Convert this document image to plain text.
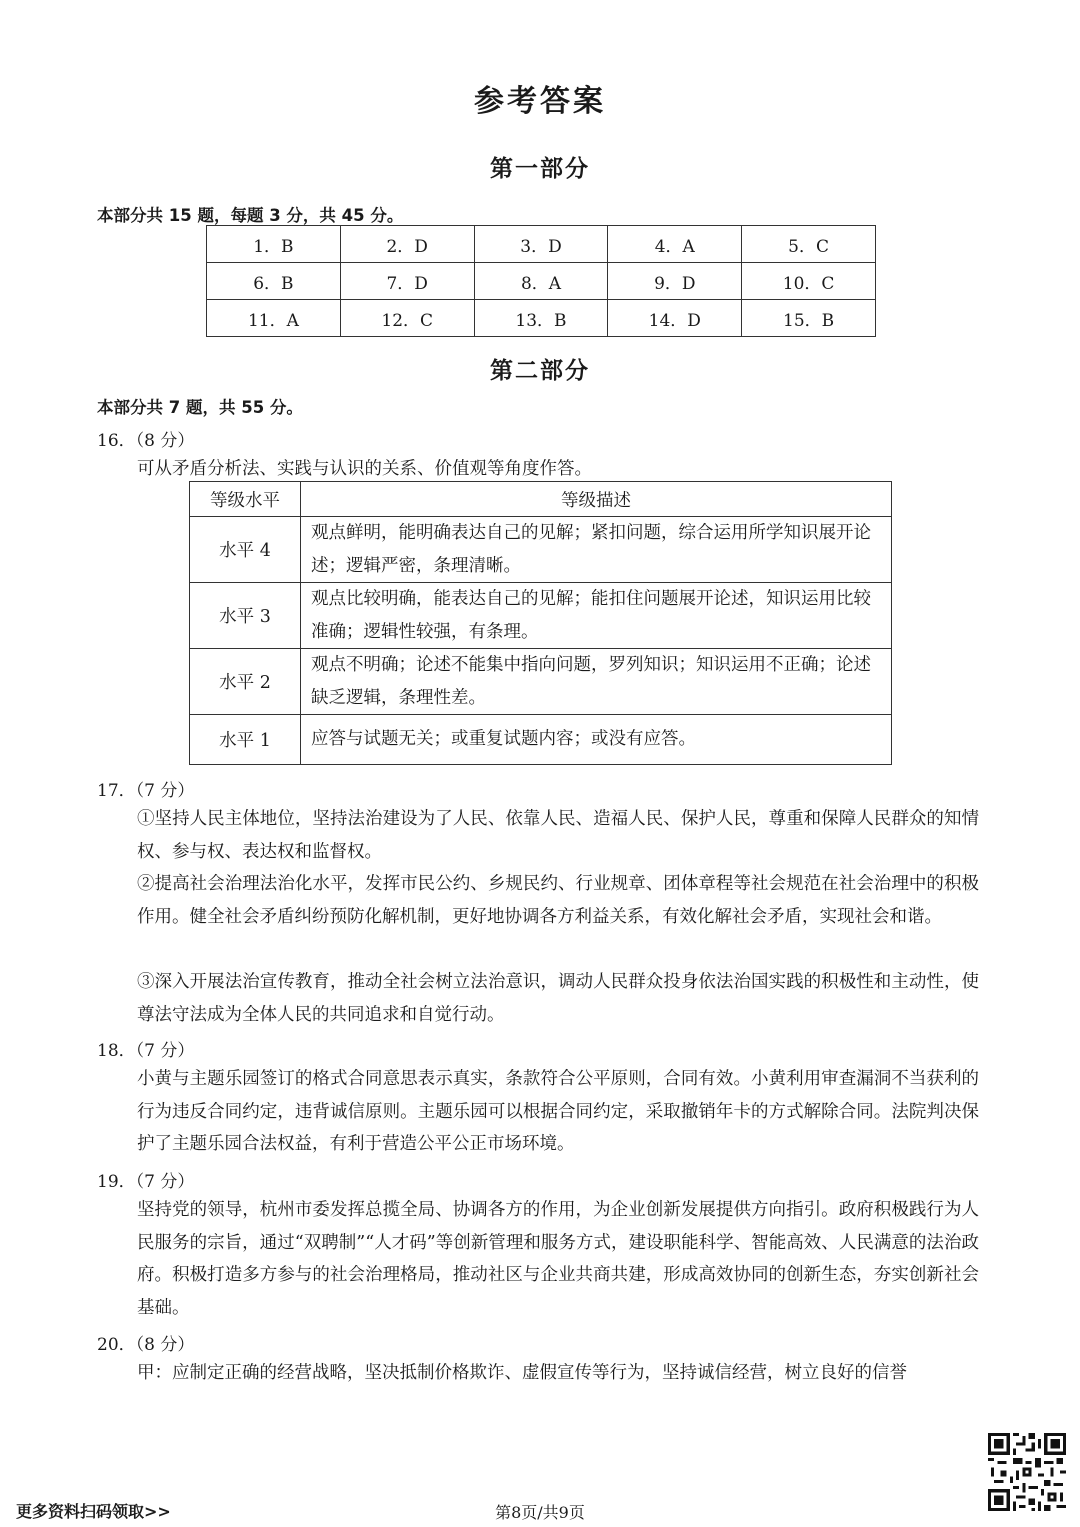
参考答案
第一部分
本部分共 15 题，每题 3 分，共 45 分。
1．B	2．D	3．D	4．A	5．C
6．B	7．D	8．A	9．D	10．C
11．A	12．C	13．B	14．D	15．B
第二部分
本部分共 7 题，共 55 分。
16．（8 分）
可从矛盾分析法、实践与认识的关系、价值观等角度作答。
等级水平	等级描述
水平 4	观点鲜明，能明确表达自己的见解；紧扣问题，综合运用所学知识展开论述；逻辑严密，条理清晰。
水平 3	观点比较明确，能表达自己的见解；能扣住问题展开论述，知识运用比较准确；逻辑性较强，有条理。
水平 2	观点不明确；论述不能集中指向问题，罗列知识；知识运用不正确；论述缺乏逻辑，条理性差。
水平 1	应答与试题无关；或重复试题内容；或没有应答。
17．（7 分）
①坚持人民主体地位，坚持法治建设为了人民、依靠人民、造福人民、保护人民，尊重和保障人民群众的知情权、参与权、表达权和监督权。
②提高社会治理法治化水平，发挥市民公约、乡规民约、行业规章、团体章程等社会规范在社会治理中的积极作用。健全社会矛盾纠纷预防化解机制，更好地协调各方利益关系，有效化解社会矛盾，实现社会和谐。
③深入开展法治宣传教育，推动全社会树立法治意识，调动人民群众投身依法治国实践的积极性和主动性，使尊法守法成为全体人民的共同追求和自觉行动。
18．（7 分）
小黄与主题乐园签订的格式合同意思表示真实，条款符合公平原则，合同有效。小黄利用审查漏洞不当获利的行为违反合同约定，违背诚信原则。主题乐园可以根据合同约定，采取撤销年卡的方式解除合同。法院判决保护了主题乐园合法权益，有利于营造公平公正市场环境。
19．（7 分）
坚持党的领导，杭州市委发挥总揽全局、协调各方的作用，为企业创新发展提供方向指引。政府积极践行为人民服务的宗旨，通过“双聘制”“人才码”等创新管理和服务方式，建设职能科学、智能高效、人民满意的法治政府。积极打造多方参与的社会治理格局，推动社区与企业共商共建，形成高效协同的创新生态，夯实创新社会基础。
20．（8 分）
甲：应制定正确的经营战略，坚决抵制价格欺诈、虚假宣传等行为，坚持诚信经营，树立良好的信誉
更多资料扫码领取>>	第8页/共9页
